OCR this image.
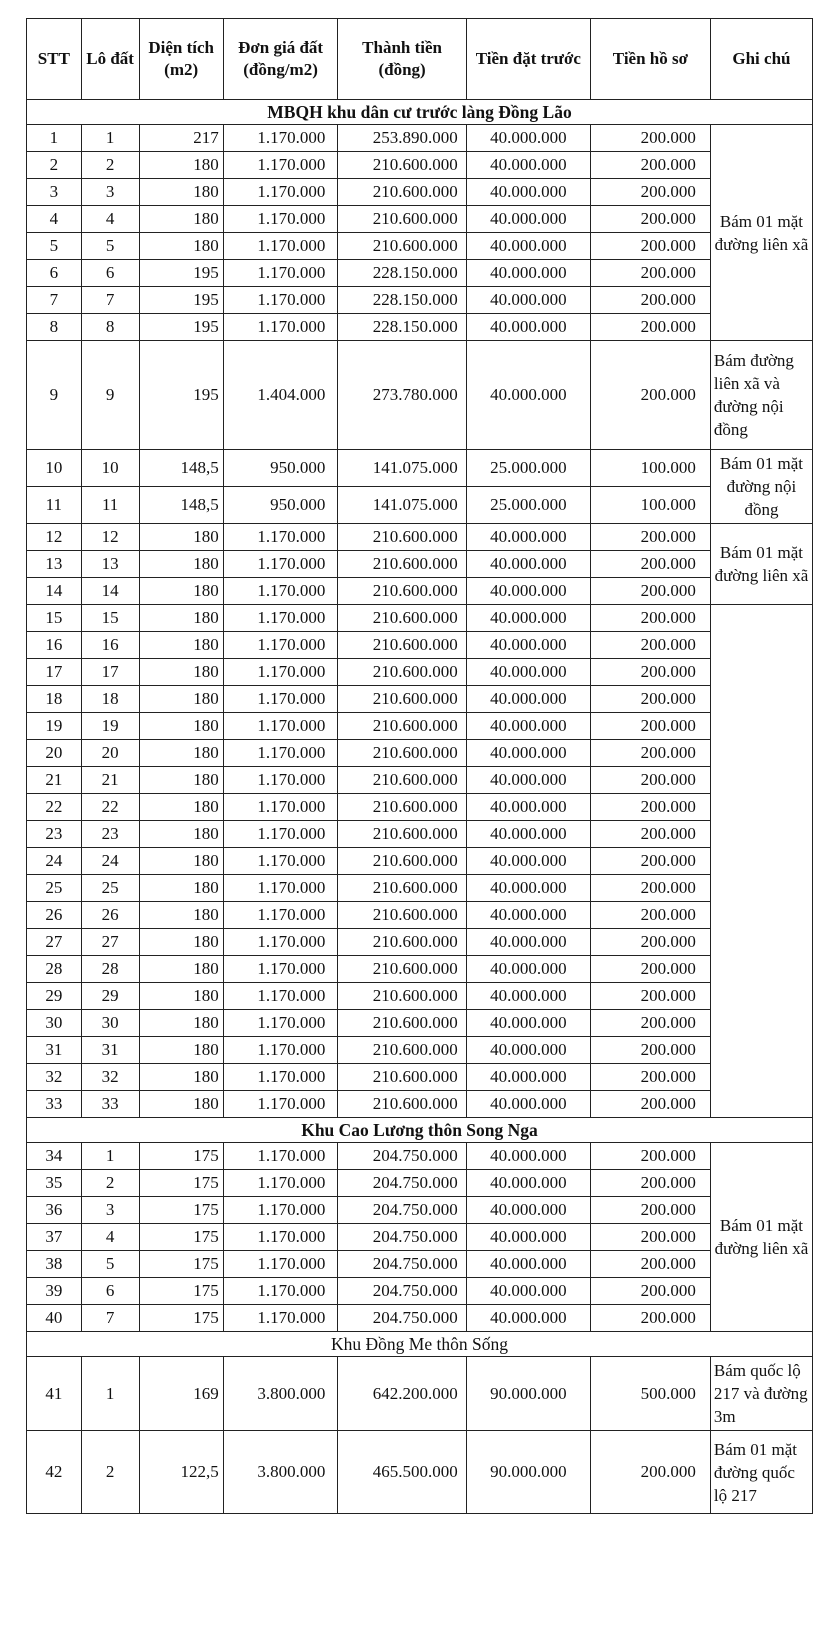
STT	Lô đất	Diện tích (m2)	Đơn giá đất (đồng/m2)	Thành tiền (đồng)	Tiền đặt trước	Tiền hồ sơ	Ghi chú
MBQH khu dân cư trước làng Đồng Lão							
1	1	217	1.170.000	253.890.000	40.000.000	200.000	Bám 01 mặt đường liên xã
2	2	180	1.170.000	210.600.000	40.000.000	200.000	
3	3	180	1.170.000	210.600.000	40.000.000	200.000	
4	4	180	1.170.000	210.600.000	40.000.000	200.000	
5	5	180	1.170.000	210.600.000	40.000.000	200.000	
6	6	195	1.170.000	228.150.000	40.000.000	200.000	
7	7	195	1.170.000	228.150.000	40.000.000	200.000	
8	8	195	1.170.000	228.150.000	40.000.000	200.000	
9	9	195	1.404.000	273.780.000	40.000.000	200.000	Bám đường liên xã và đường nội đồng
10	10	148,5	950.000	141.075.000	25.000.000	100.000	Bám 01 mặt đường nội đồng
11	11	148,5	950.000	141.075.000	25.000.000	100.000	
12	12	180	1.170.000	210.600.000	40.000.000	200.000	Bám 01 mặt đường liên xã
13	13	180	1.170.000	210.600.000	40.000.000	200.000	
14	14	180	1.170.000	210.600.000	40.000.000	200.000	
15	15	180	1.170.000	210.600.000	40.000.000	200.000	
16	16	180	1.170.000	210.600.000	40.000.000	200.000	
17	17	180	1.170.000	210.600.000	40.000.000	200.000	
18	18	180	1.170.000	210.600.000	40.000.000	200.000	
19	19	180	1.170.000	210.600.000	40.000.000	200.000	
20	20	180	1.170.000	210.600.000	40.000.000	200.000	
21	21	180	1.170.000	210.600.000	40.000.000	200.000	
22	22	180	1.170.000	210.600.000	40.000.000	200.000	
23	23	180	1.170.000	210.600.000	40.000.000	200.000	
24	24	180	1.170.000	210.600.000	40.000.000	200.000	
25	25	180	1.170.000	210.600.000	40.000.000	200.000	
26	26	180	1.170.000	210.600.000	40.000.000	200.000	
27	27	180	1.170.000	210.600.000	40.000.000	200.000	
28	28	180	1.170.000	210.600.000	40.000.000	200.000	
29	29	180	1.170.000	210.600.000	40.000.000	200.000	
30	30	180	1.170.000	210.600.000	40.000.000	200.000	
31	31	180	1.170.000	210.600.000	40.000.000	200.000	
32	32	180	1.170.000	210.600.000	40.000.000	200.000	
33	33	180	1.170.000	210.600.000	40.000.000	200.000	
Khu Cao Lương thôn Song Nga							
34	1	175	1.170.000	204.750.000	40.000.000	200.000	Bám 01 mặt đường liên xã
35	2	175	1.170.000	204.750.000	40.000.000	200.000	
36	3	175	1.170.000	204.750.000	40.000.000	200.000	
37	4	175	1.170.000	204.750.000	40.000.000	200.000	
38	5	175	1.170.000	204.750.000	40.000.000	200.000	
39	6	175	1.170.000	204.750.000	40.000.000	200.000	
40	7	175	1.170.000	204.750.000	40.000.000	200.000	
Khu Đồng Me thôn Sống							
41	1	169	3.800.000	642.200.000	90.000.000	500.000	Bám quốc lộ 217 và đường 3m
42	2	122,5	3.800.000	465.500.000	90.000.000	200.000	Bám 01 mặt đường quốc lộ 217
